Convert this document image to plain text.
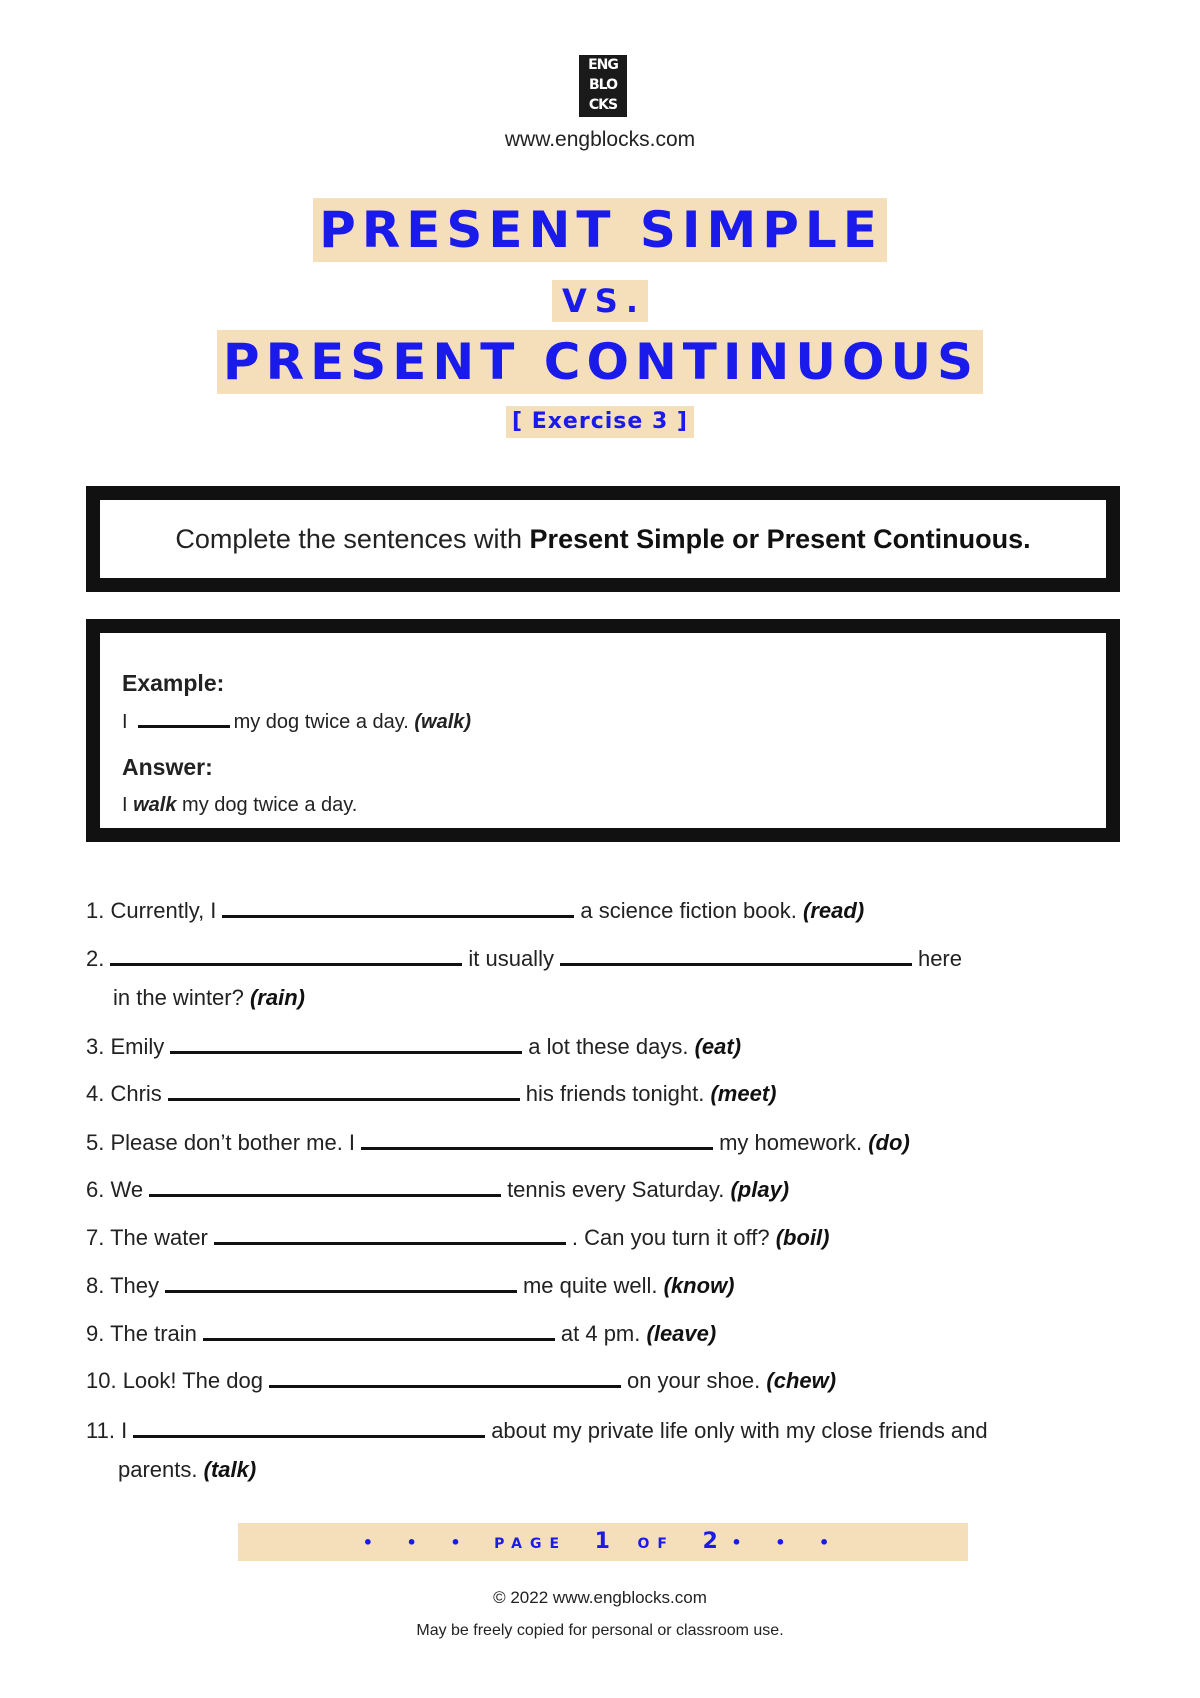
ENG
BLO
CKS
www.engblocks.com
PRESENT SIMPLE
VS.
PRESENT CONTINUOUS
[ Exercise 3 ]

Complete the sentences with Present Simple or Present Continuous.

Example:

I	my dog twice a day. (walk)

Answer:

I walk my dog twice a day.

1. Currently, I	a science fiction book. (read)
2.	it usually	here
in the winter? (rain)
3. Emily	a lot these days. (eat)
4. Chris	his friends tonight. (meet)
5. Please don’t bother me. I	my homework. (do)
6. We	tennis every Saturday. (play)
7. The water	. Can you turn it off? (boil)
8. They	me quite well. (know)
9. The train	at 4 pm. (leave)
10. Look! The dog	on your shoe. (chew)
11. I	about my private life only with my close friends and
parents. (talk)
• • • PAGE 1 OF 2 • • •
© 2022 www.engblocks.com
May be freely copied for personal or classroom use.
